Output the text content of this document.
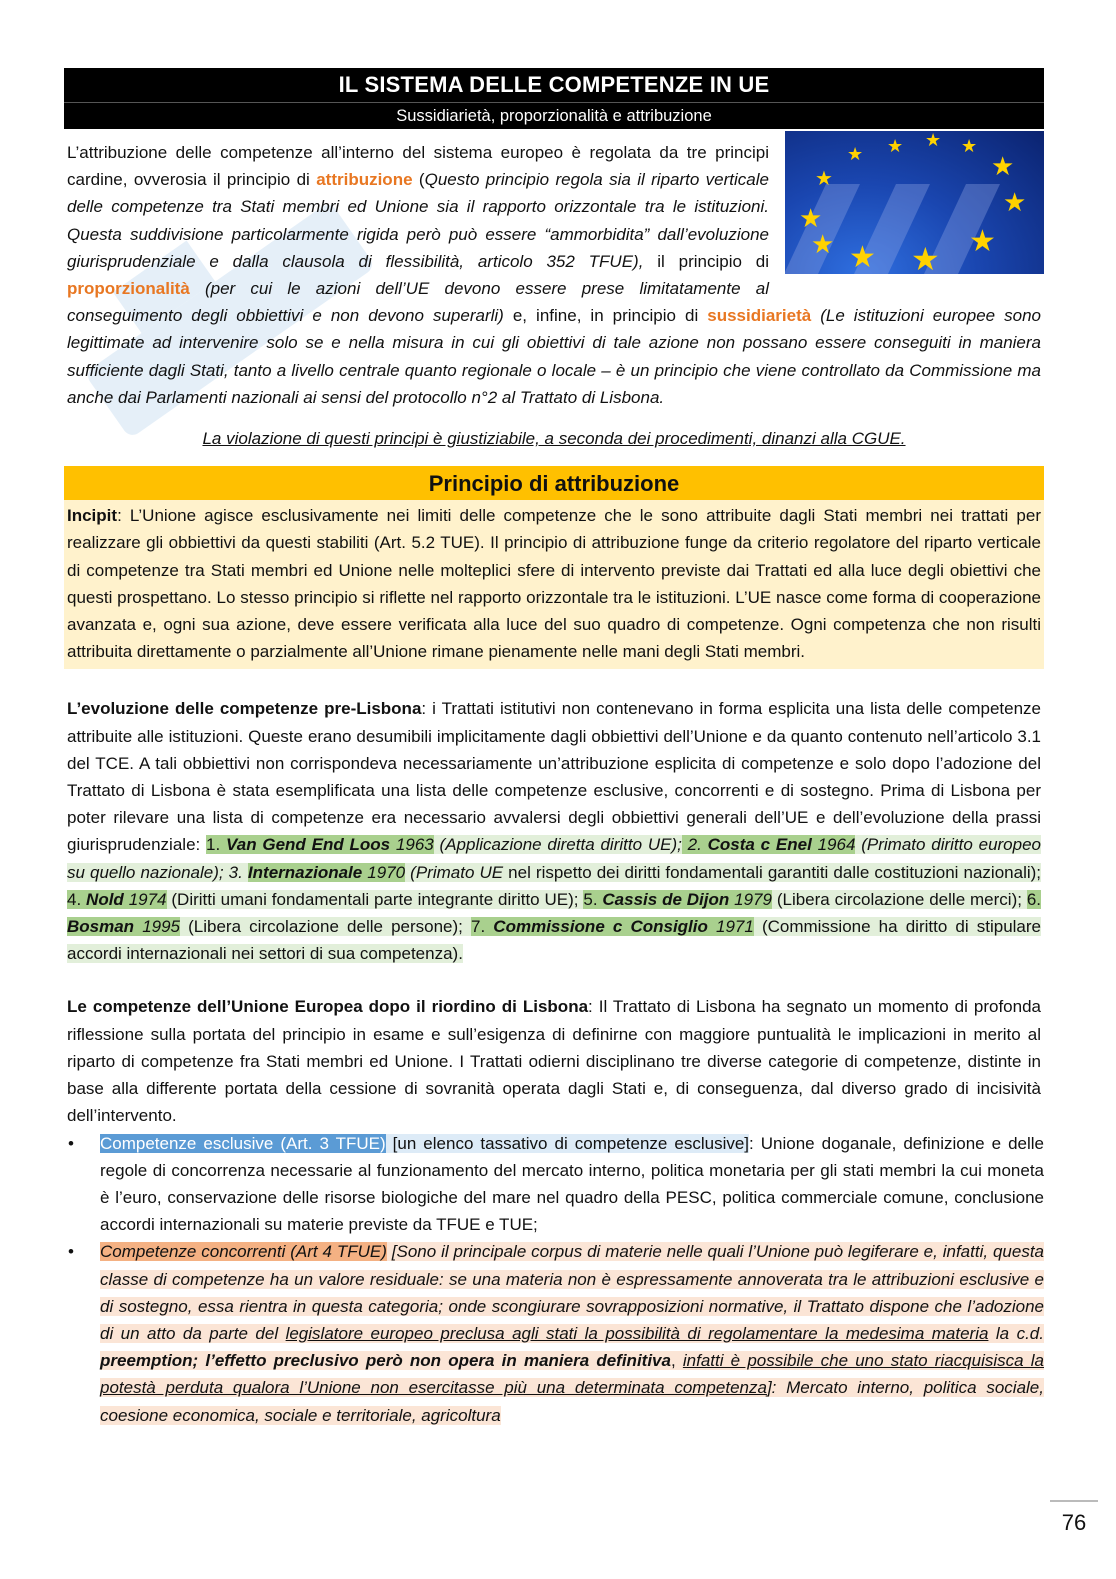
IL SISTEMA DELLE COMPETENZE IN UE
Sussidiarietà, proporzionalità e attribuzione
★ ★ ★ ★
★
★
★
★
★ ★ ★ ★

L’attribuzione delle competenze all’interno del sistema europeo è regolata da tre principi cardine, ovverosia il principio di attribuzione (Questo principio regola sia il riparto verticale delle competenze tra Stati membri ed Unione sia il rapporto orizzontale tra le istituzioni. Questa suddivisione particolarmente rigida però può essere “ammorbidita” dall’evoluzione giurisprudenziale e dalla clausola di flessibilità, articolo 352 TFUE), il principio di proporzionalità (per cui le azioni dell’UE devono essere prese limitatamente al conseguimento degli obbiettivi e non devono superarli) e, infine, in principio di sussidiarietà (Le istituzioni europee sono legittimate ad intervenire solo se e nella misura in cui gli obiettivi di tale azione non possano essere conseguiti in maniera sufficiente dagli Stati, tanto a livello centrale quanto regionale o locale – è un principio che viene controllato da Commissione ma anche dai Parlamenti nazionali ai sensi del protocollo n°2 al Trattato di Lisbona.

La violazione di questi principi è giustiziabile, a seconda dei procedimenti, dinanzi alla CGUE.

Principio di attribuzione

Incipit: L’Unione agisce esclusivamente nei limiti delle competenze che le sono attribuite dagli Stati membri nei trattati per realizzare gli obbiettivi da questi stabiliti (Art. 5.2 TUE). Il principio di attribuzione funge da criterio regolatore del riparto verticale di competenze tra Stati membri ed Unione nelle molteplici sfere di intervento previste dai Trattati ed alla luce degli obiettivi che questi prospettano. Lo stesso principio si riflette nel rapporto orizzontale tra le istituzioni. L’UE nasce come forma di cooperazione avanzata e, ogni sua azione, deve essere verificata alla luce del suo quadro di competenze. Ogni competenza che non risulti attribuita direttamente o parzialmente all’Unione rimane pienamente nelle mani degli Stati membri.

L’evoluzione delle competenze pre-Lisbona: i Trattati istitutivi non contenevano in forma esplicita una lista delle competenze attribuite alle istituzioni. Queste erano desumibili implicitamente dagli obbiettivi dell’Unione e da quanto contenuto nell’articolo 3.1 del TCE. A tali obbiettivi non corrispondeva necessariamente un’attribuzione esplicita di competenze e solo dopo l’adozione del Trattato di Lisbona è stata esemplificata una lista delle competenze esclusive, concorrenti e di sostegno. Prima di Lisbona per poter rilevare una lista di competenze era necessario avvalersi degli obbiettivi generali dell’UE e dell’evoluzione della prassi giurisprudenziale: 1. Van Gend End Loos 1963 (Applicazione diretta diritto UE); 2. Costa c Enel 1964 (Primato diritto europeo su quello nazionale); 3. Internazionale 1970 (Primato UE nel rispetto dei diritti fondamentali garantiti dalle costituzioni nazionali); 4. Nold 1974 (Diritti umani fondamentali parte integrante diritto UE); 5. Cassis de Dijon 1979 (Libera circolazione delle merci); 6. Bosman 1995 (Libera circolazione delle persone); 7. Commissione c Consiglio 1971 (Commissione ha diritto di stipulare accordi internazionali nei settori di sua competenza).

Le competenze dell’Unione Europea dopo il riordino di Lisbona: Il Trattato di Lisbona ha segnato un momento di profonda riflessione sulla portata del principio in esame e sull’esigenza di definirne con maggiore puntualità le implicazioni in merito al riparto di competenze fra Stati membri ed Unione. I Trattati odierni disciplinano tre diverse categorie di competenze, distinte in base alla differente portata della cessione di sovranità operata dagli Stati e, di conseguenza, dal diverso grado di incisività dell’intervento.

• Competenze esclusive (Art. 3 TFUE) [un elenco tassativo di competenze esclusive]: Unione doganale, definizione e delle regole di concorrenza necessarie al funzionamento del mercato interno, politica monetaria per gli stati membri la cui moneta è l’euro, conservazione delle risorse biologiche del mare nel quadro della PESC, politica commerciale comune, conclusione accordi internazionali su materie previste da TFUE e TUE;
• Competenze concorrenti (Art 4 TFUE) [Sono il principale corpus di materie nelle quali l’Unione può legiferare e, infatti, questa classe di competenze ha un valore residuale: se una materia non è espressamente annoverata tra le attribuzioni esclusive e di sostegno, essa rientra in questa categoria; onde scongiurare sovrapposizioni normative, il Trattato dispone che l’adozione di un atto da parte del legislatore europeo preclusa agli stati la possibilità di regolamentare la medesima materia la c.d. preemption; l’effetto preclusivo però non opera in maniera definitiva, infatti è possibile che uno stato riacquisisca la potestà perduta qualora l’Unione non esercitasse più una determinata competenza]: Mercato interno, politica sociale, coesione economica, sociale e territoriale, agricoltura
76
